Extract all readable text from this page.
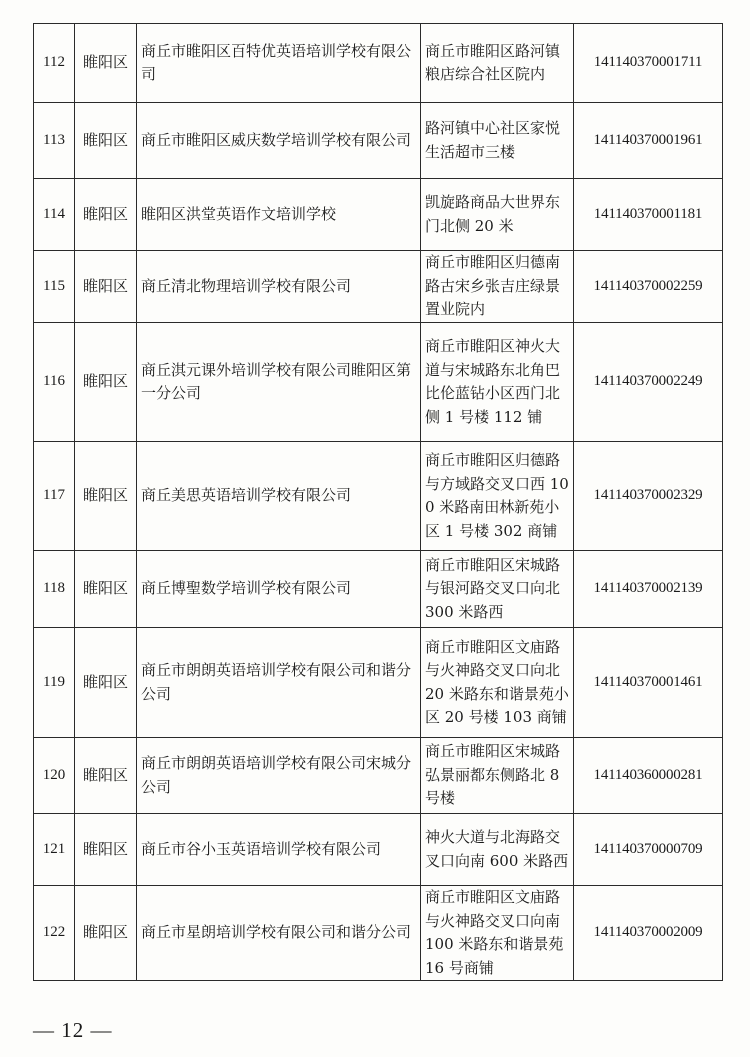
112	睢阳区	商丘市睢阳区百特优英语培训学校有限公司	商丘市睢阳区路河镇粮店综合社区院内	141140370001711
113	睢阳区	商丘市睢阳区威庆数学培训学校有限公司	路河镇中心社区家悦生活超市三楼	141140370001961
114	睢阳区	睢阳区洪堂英语作文培训学校	凯旋路商品大世界东门北侧 20 米	141140370001181
115	睢阳区	商丘清北物理培训学校有限公司	商丘市睢阳区归德南路古宋乡张吉庄绿景置业院内	141140370002259
116	睢阳区	商丘淇元课外培训学校有限公司睢阳区第一分公司	商丘市睢阳区神火大道与宋城路东北角巴比伦蓝钻小区西门北侧 1 号楼 112 铺	141140370002249
117	睢阳区	商丘美思英语培训学校有限公司	商丘市睢阳区归德路与方域路交叉口西 100 米路南田林新苑小区 1 号楼 302 商铺	141140370002329
118	睢阳区	商丘博聖数学培训学校有限公司	商丘市睢阳区宋城路与银河路交叉口向北 300 米路西	141140370002139
119	睢阳区	商丘市朗朗英语培训学校有限公司和谐分公司	商丘市睢阳区文庙路与火神路交叉口向北 20 米路东和谐景苑小区 20 号楼 103 商铺	141140370001461
120	睢阳区	商丘市朗朗英语培训学校有限公司宋城分公司	商丘市睢阳区宋城路弘景丽都东侧路北 8 号楼	141140360000281
121	睢阳区	商丘市谷小玉英语培训学校有限公司	神火大道与北海路交叉口向南 600 米路西	141140370000709
122	睢阳区	商丘市星朗培训学校有限公司和谐分公司	商丘市睢阳区文庙路与火神路交叉口向南 100 米路东和谐景苑 16 号商铺	141140370002009
— 12 —
